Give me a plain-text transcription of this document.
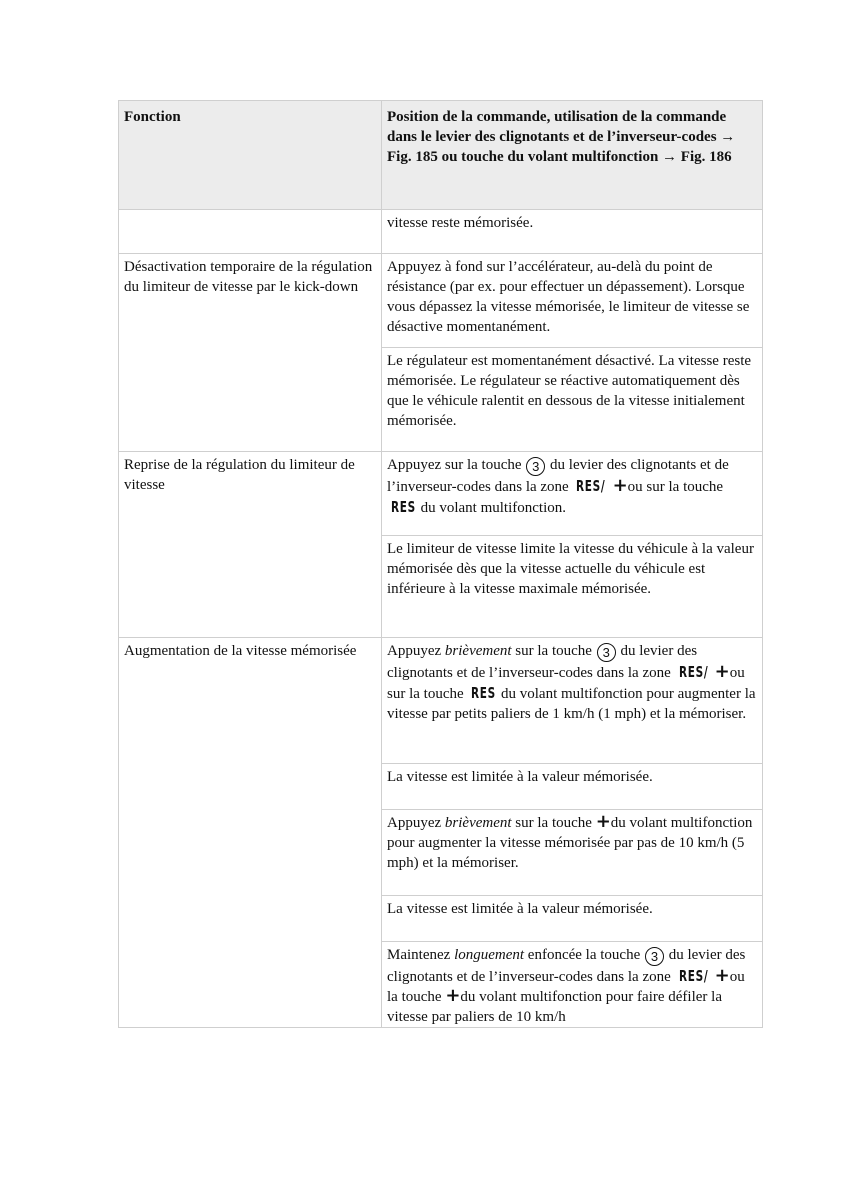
Fonction	Position de la commande, utilisation de la commande dans le levier des clignotants et de l’inverseur-codes → Fig. 185 ou touche du volant multifonction → Fig. 186
	vitesse reste mémorisée.
Désactivation temporaire de la régulation du limiteur de vitesse par le kick-down	Appuyez à fond sur l’accélérateur, au-delà du point de résistance (par ex. pour effectuer un dépassement). Lorsque vous dépassez la vitesse mémorisée, le limiteur de vitesse se désactive momentanément.
	Le régulateur est momentanément désactivé. La vitesse reste mémorisée. Le régulateur se réactive automatiquement dès que le véhicule ralentit en dessous de la vitesse initialement mémorisée.
Reprise de la régulation du limiteur de vitesse	Appuyez sur la touche 3 du levier des clignotants et de l’inverseur-codes dans la zone RES/ +ou sur la touche RES du volant multifonction.
	Le limiteur de vitesse limite la vitesse du véhicule à la valeur mémorisée dès que la vitesse actuelle du véhicule est inférieure à la vitesse maximale mémorisée.
Augmentation de la vitesse mémorisée	Appuyez brièvement sur la touche 3 du levier des clignotants et de l’inverseur-codes dans la zone RES/ +ou sur la touche RES du volant multifonction pour augmenter la vitesse par petits paliers de 1 km/h (1 mph) et la mémoriser.
	La vitesse est limitée à la valeur mémorisée.
	Appuyez brièvement sur la touche +du volant multifonction pour augmenter la vitesse mémorisée par pas de 10 km/h (5 mph) et la mémoriser.
	La vitesse est limitée à la valeur mémorisée.
	Maintenez longuement enfoncée la touche 3 du levier des clignotants et de l’inverseur-codes dans la zone RES/ +ou la touche +du volant multifonction pour faire défiler la vitesse par paliers de 10 km/h
